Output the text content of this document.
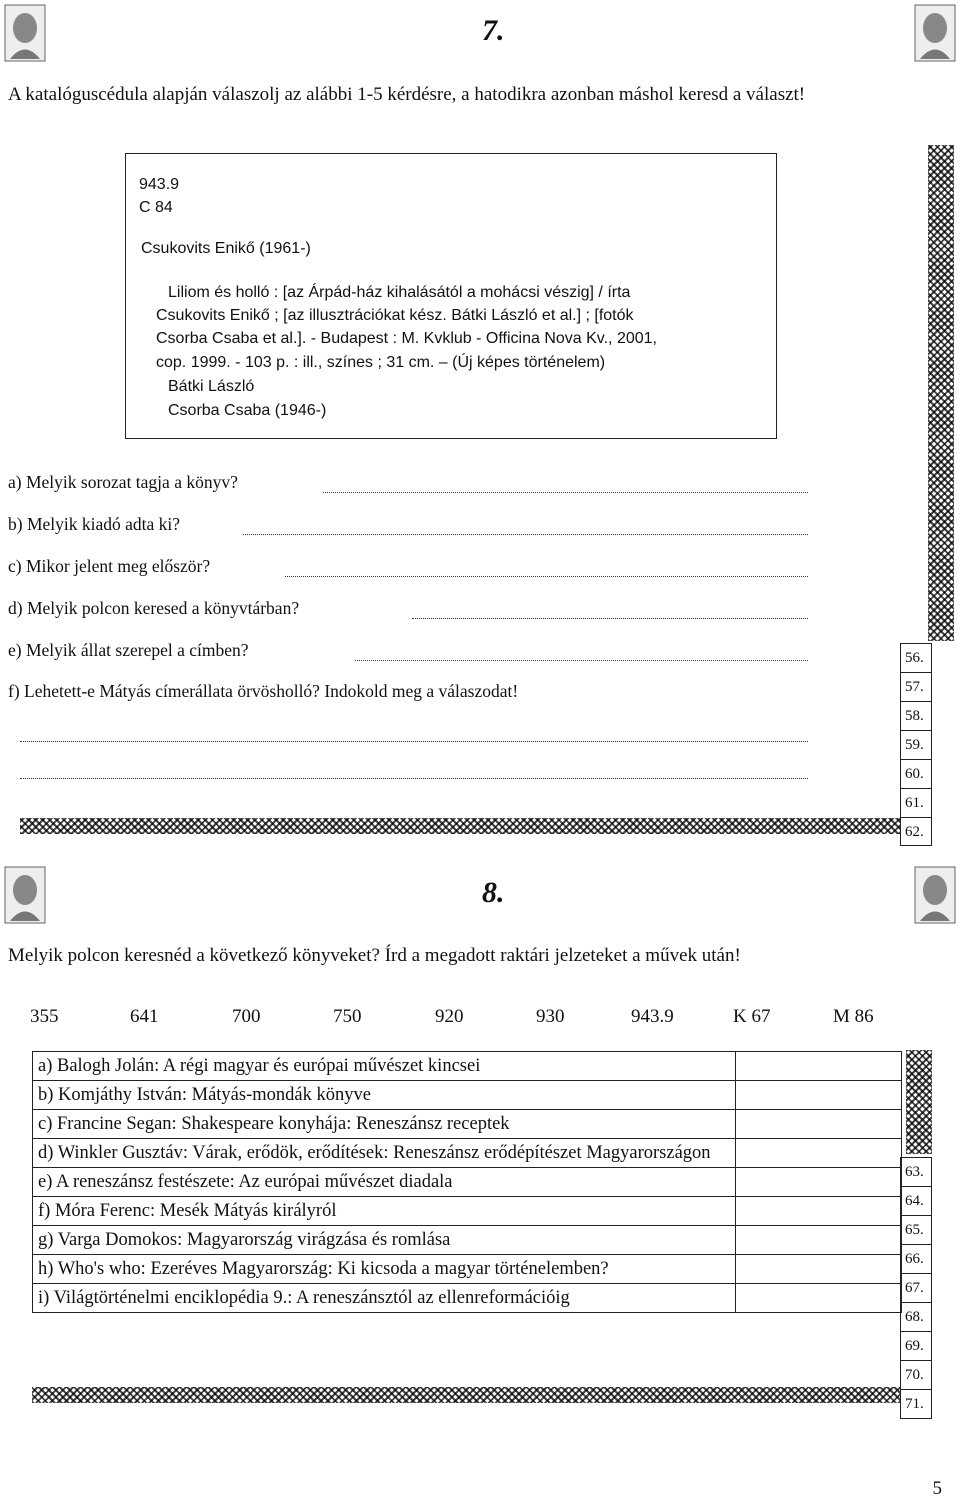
7.
A katalóguscédula alapján válaszolj az alábbi 1-5 kérdésre, a hatodikra azonban máshol keresd a választ!
943.9
C 84
Csukovits Enikő (1961-)
Liliom és holló : [az Árpád-ház kihalásától a mohácsi vészig] / írta
Csukovits Enikő ; [az illusztrációkat kész. Bátki László et al.] ; [fotók
Csorba Csaba et al.]. - Budapest : M. Kvklub - Officina Nova Kv., 2001,
cop. 1999. - 103 p. : ill., színes ; 31 cm. – (Új képes történelem)
Bátki László
Csorba Csaba (1946-)
a) Melyik sorozat tagja a könyv?
b) Melyik kiadó adta ki?
c) Mikor jelent meg először?
d) Melyik polcon keresed a könyvtárban?
e) Melyik állat szerepel a címben?
f) Lehetett-e Mátyás címerállata örvösholló? Indokold meg a válaszodat!
56.
57.
58.
59.
60.
61.
62.
8.
Melyik polcon keresnéd a következő könyveket? Írd a megadott raktári jelzeteket a művek után!
355	641	700	750	920	930	943.9	K 67	M 86
a) Balogh Jolán: A régi magyar és európai művészet kincsei	
b) Komjáthy István: Mátyás-mondák könyve	
c) Francine Segan: Shakespeare konyhája: Reneszánsz receptek	
d) Winkler Gusztáv: Várak, erődök, erődítések: Reneszánsz erődépítészet Magyarországon	
e) A reneszánsz festészete: Az európai művészet diadala	
f) Móra Ferenc: Mesék Mátyás királyról	
g) Varga Domokos: Magyarország virágzása és romlása	
h) Who's who: Ezeréves Magyarország: Ki kicsoda a magyar történelemben?	
i) Világtörténelmi enciklopédia 9.: A reneszánsztól az ellenreformációig	
63.
64.
65.
66.
67.
68.
69.
70.
71.
5
